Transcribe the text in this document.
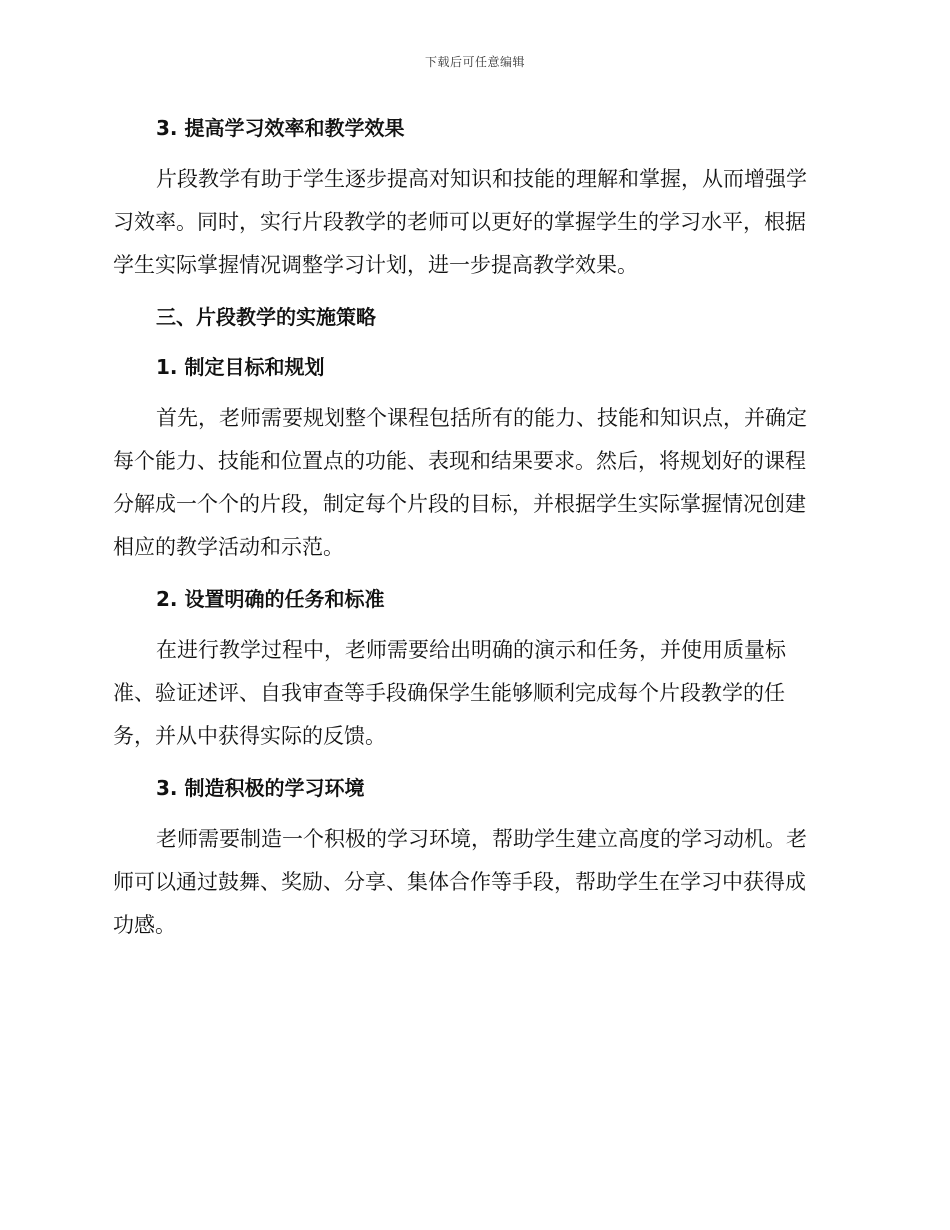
下载后可任意编辑
3. 提高学习效率和教学效果
片段教学有助于学生逐步提高对知识和技能的理解和掌握，从而增强学
习效率。同时，实行片段教学的老师可以更好的掌握学生的学习水平，根据
学生实际掌握情况调整学习计划，进一步提高教学效果。
三、片段教学的实施策略
1. 制定目标和规划
首先，老师需要规划整个课程包括所有的能力、技能和知识点，并确定
每个能力、技能和位置点的功能、表现和结果要求。然后，将规划好的课程
分解成一个个的片段，制定每个片段的目标，并根据学生实际掌握情况创建
相应的教学活动和示范。
2. 设置明确的任务和标准
在进行教学过程中，老师需要给出明确的演示和任务，并使用质量标
准、验证述评、自我审查等手段确保学生能够顺利完成每个片段教学的任
务，并从中获得实际的反馈。
3. 制造积极的学习环境
老师需要制造一个积极的学习环境，帮助学生建立高度的学习动机。老
师可以通过鼓舞、奖励、分享、集体合作等手段，帮助学生在学习中获得成
功感。
